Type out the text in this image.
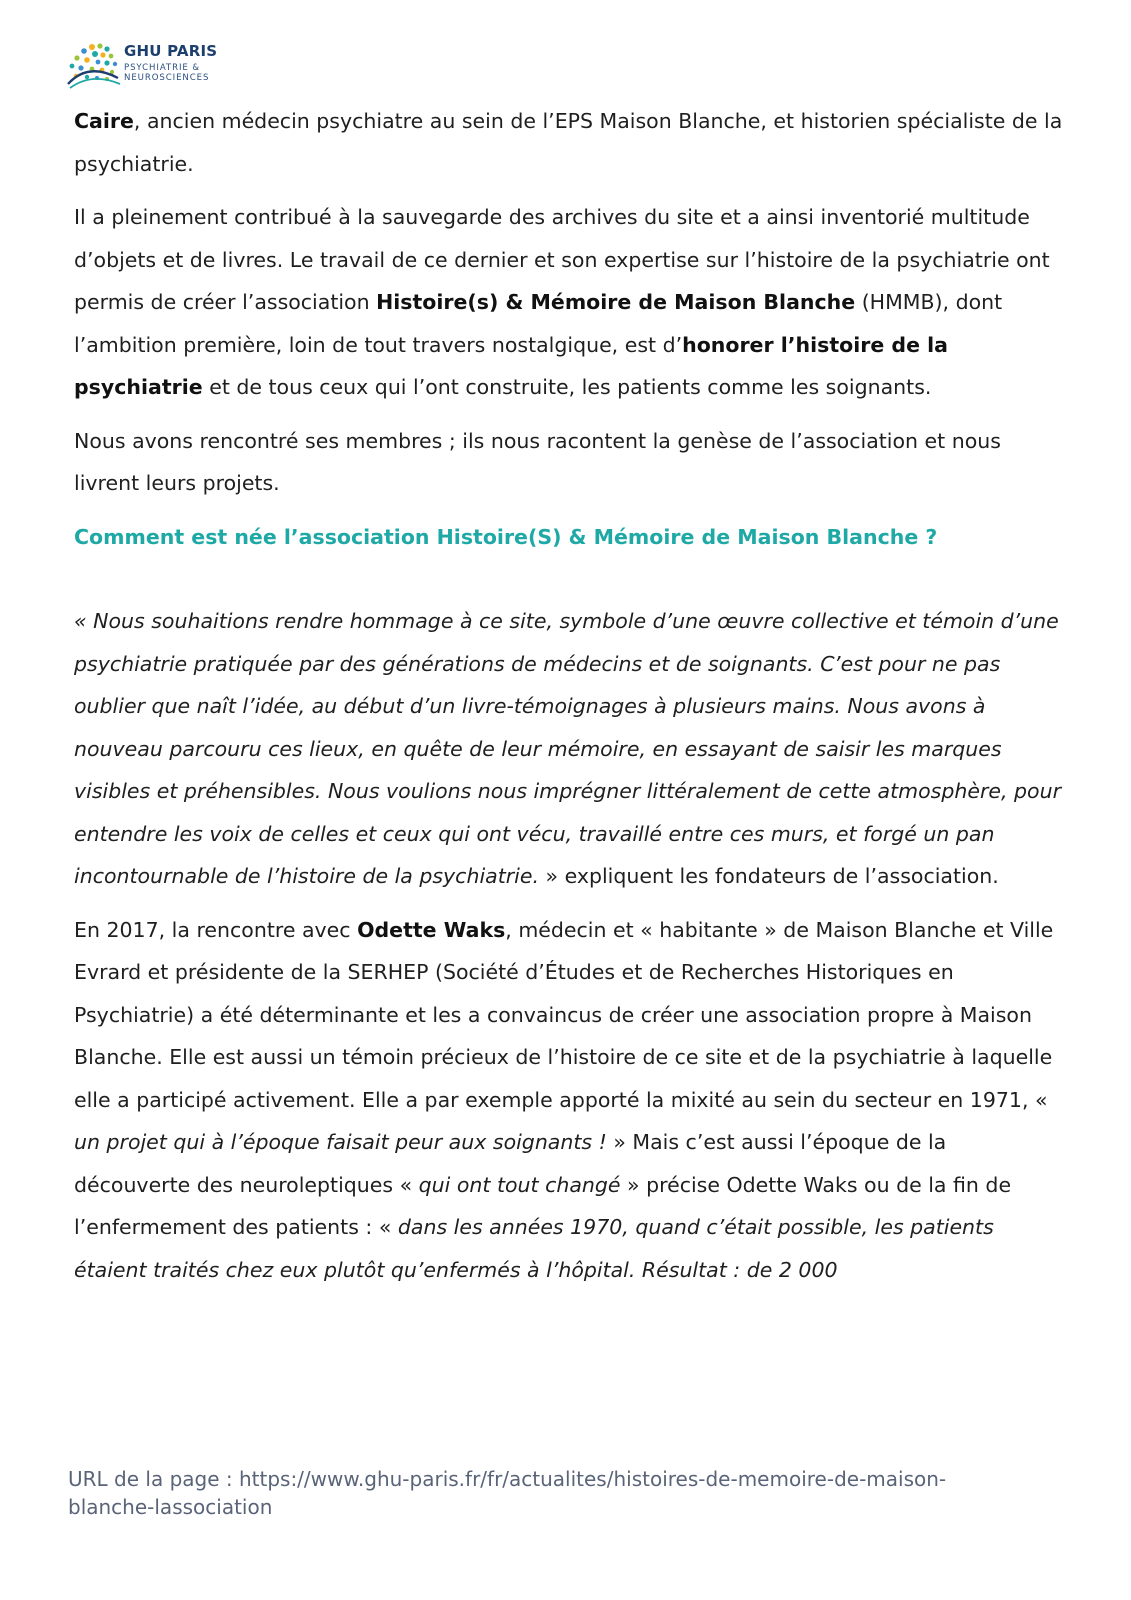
GHU PARIS
PSYCHIATRIE &
NEUROSCIENCES

Caire, ancien médecin psychiatre au sein de l’EPS Maison Blanche, et historien spécialiste de la psychiatrie.

Il a pleinement contribué à la sauvegarde des archives du site et a ainsi inventorié multitude d’objets et de livres. Le travail de ce dernier et son expertise sur l’histoire de la psychiatrie ont permis de créer l’association Histoire(s) & Mémoire de Maison Blanche (HMMB), dont l’ambition première, loin de tout travers nostalgique, est d’honorer l’histoire de la psychiatrie et de tous ceux qui l’ont construite, les patients comme les soignants.

Nous avons rencontré ses membres ; ils nous racontent la genèse de l’association et nous livrent leurs projets.

Comment est née l’association Histoire(S) & Mémoire de Maison Blanche ?

« Nous souhaitions rendre hommage à ce site, symbole d’une œuvre collective et témoin d’une psychiatrie pratiquée par des générations de médecins et de soignants. C’est pour ne pas oublier que naît l’idée, au début d’un livre-témoignages à plusieurs mains. Nous avons à nouveau parcouru ces lieux, en quête de leur mémoire, en essayant de saisir les marques visibles et préhensibles. Nous voulions nous imprégner littéralement de cette atmosphère, pour entendre les voix de celles et ceux qui ont vécu, travaillé entre ces murs, et forgé un pan incontournable de l’histoire de la psychiatrie. » expliquent les fondateurs de l’association.

En 2017, la rencontre avec Odette Waks, médecin et « habitante » de Maison Blanche et Ville Evrard et présidente de la SERHEP (Société d’Études et de Recherches Historiques en Psychiatrie) a été déterminante et les a convaincus de créer une association propre à Maison Blanche. Elle est aussi un témoin précieux de l’histoire de ce site et de la psychiatrie à laquelle elle a participé activement. Elle a par exemple apporté la mixité au sein du secteur en 1971, « un projet qui à l’époque faisait peur aux soignants ! » Mais c’est aussi l’époque de la découverte des neuroleptiques « qui ont tout changé » précise Odette Waks ou de la fin de l’enfermement des patients : « dans les années 1970, quand c’était possible, les patients étaient traités chez eux plutôt qu’enfermés à l’hôpital. Résultat : de 2 000

URL de la page : https://www.ghu-paris.fr/fr/actualites/histoires-de-memoire-de-maison-
blanche-lassociation
